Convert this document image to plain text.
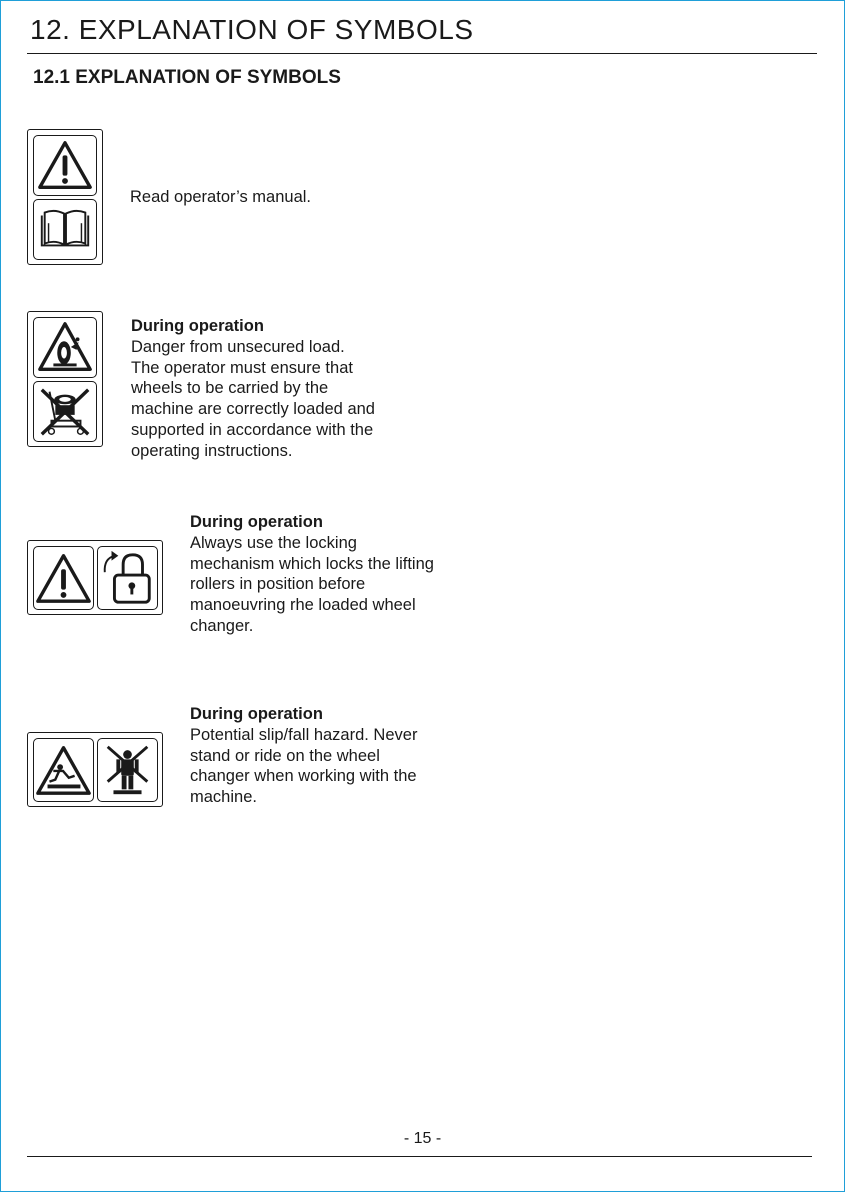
12. EXPLANATION OF SYMBOLS
12.1 EXPLANATION OF SYMBOLS
Read operator’s manual.
During operation
Danger from unsecured load.
The operator must ensure that
wheels to be carried by the
machine are correctly loaded and
supported in accordance with the
operating instructions.
During operation
Always use the locking
mechanism which locks the lifting
rollers in position before
manoeuvring rhe loaded wheel
changer.
During operation
Potential slip/fall hazard. Never
stand or ride on the wheel
changer when working with the
machine.
- 15 -
